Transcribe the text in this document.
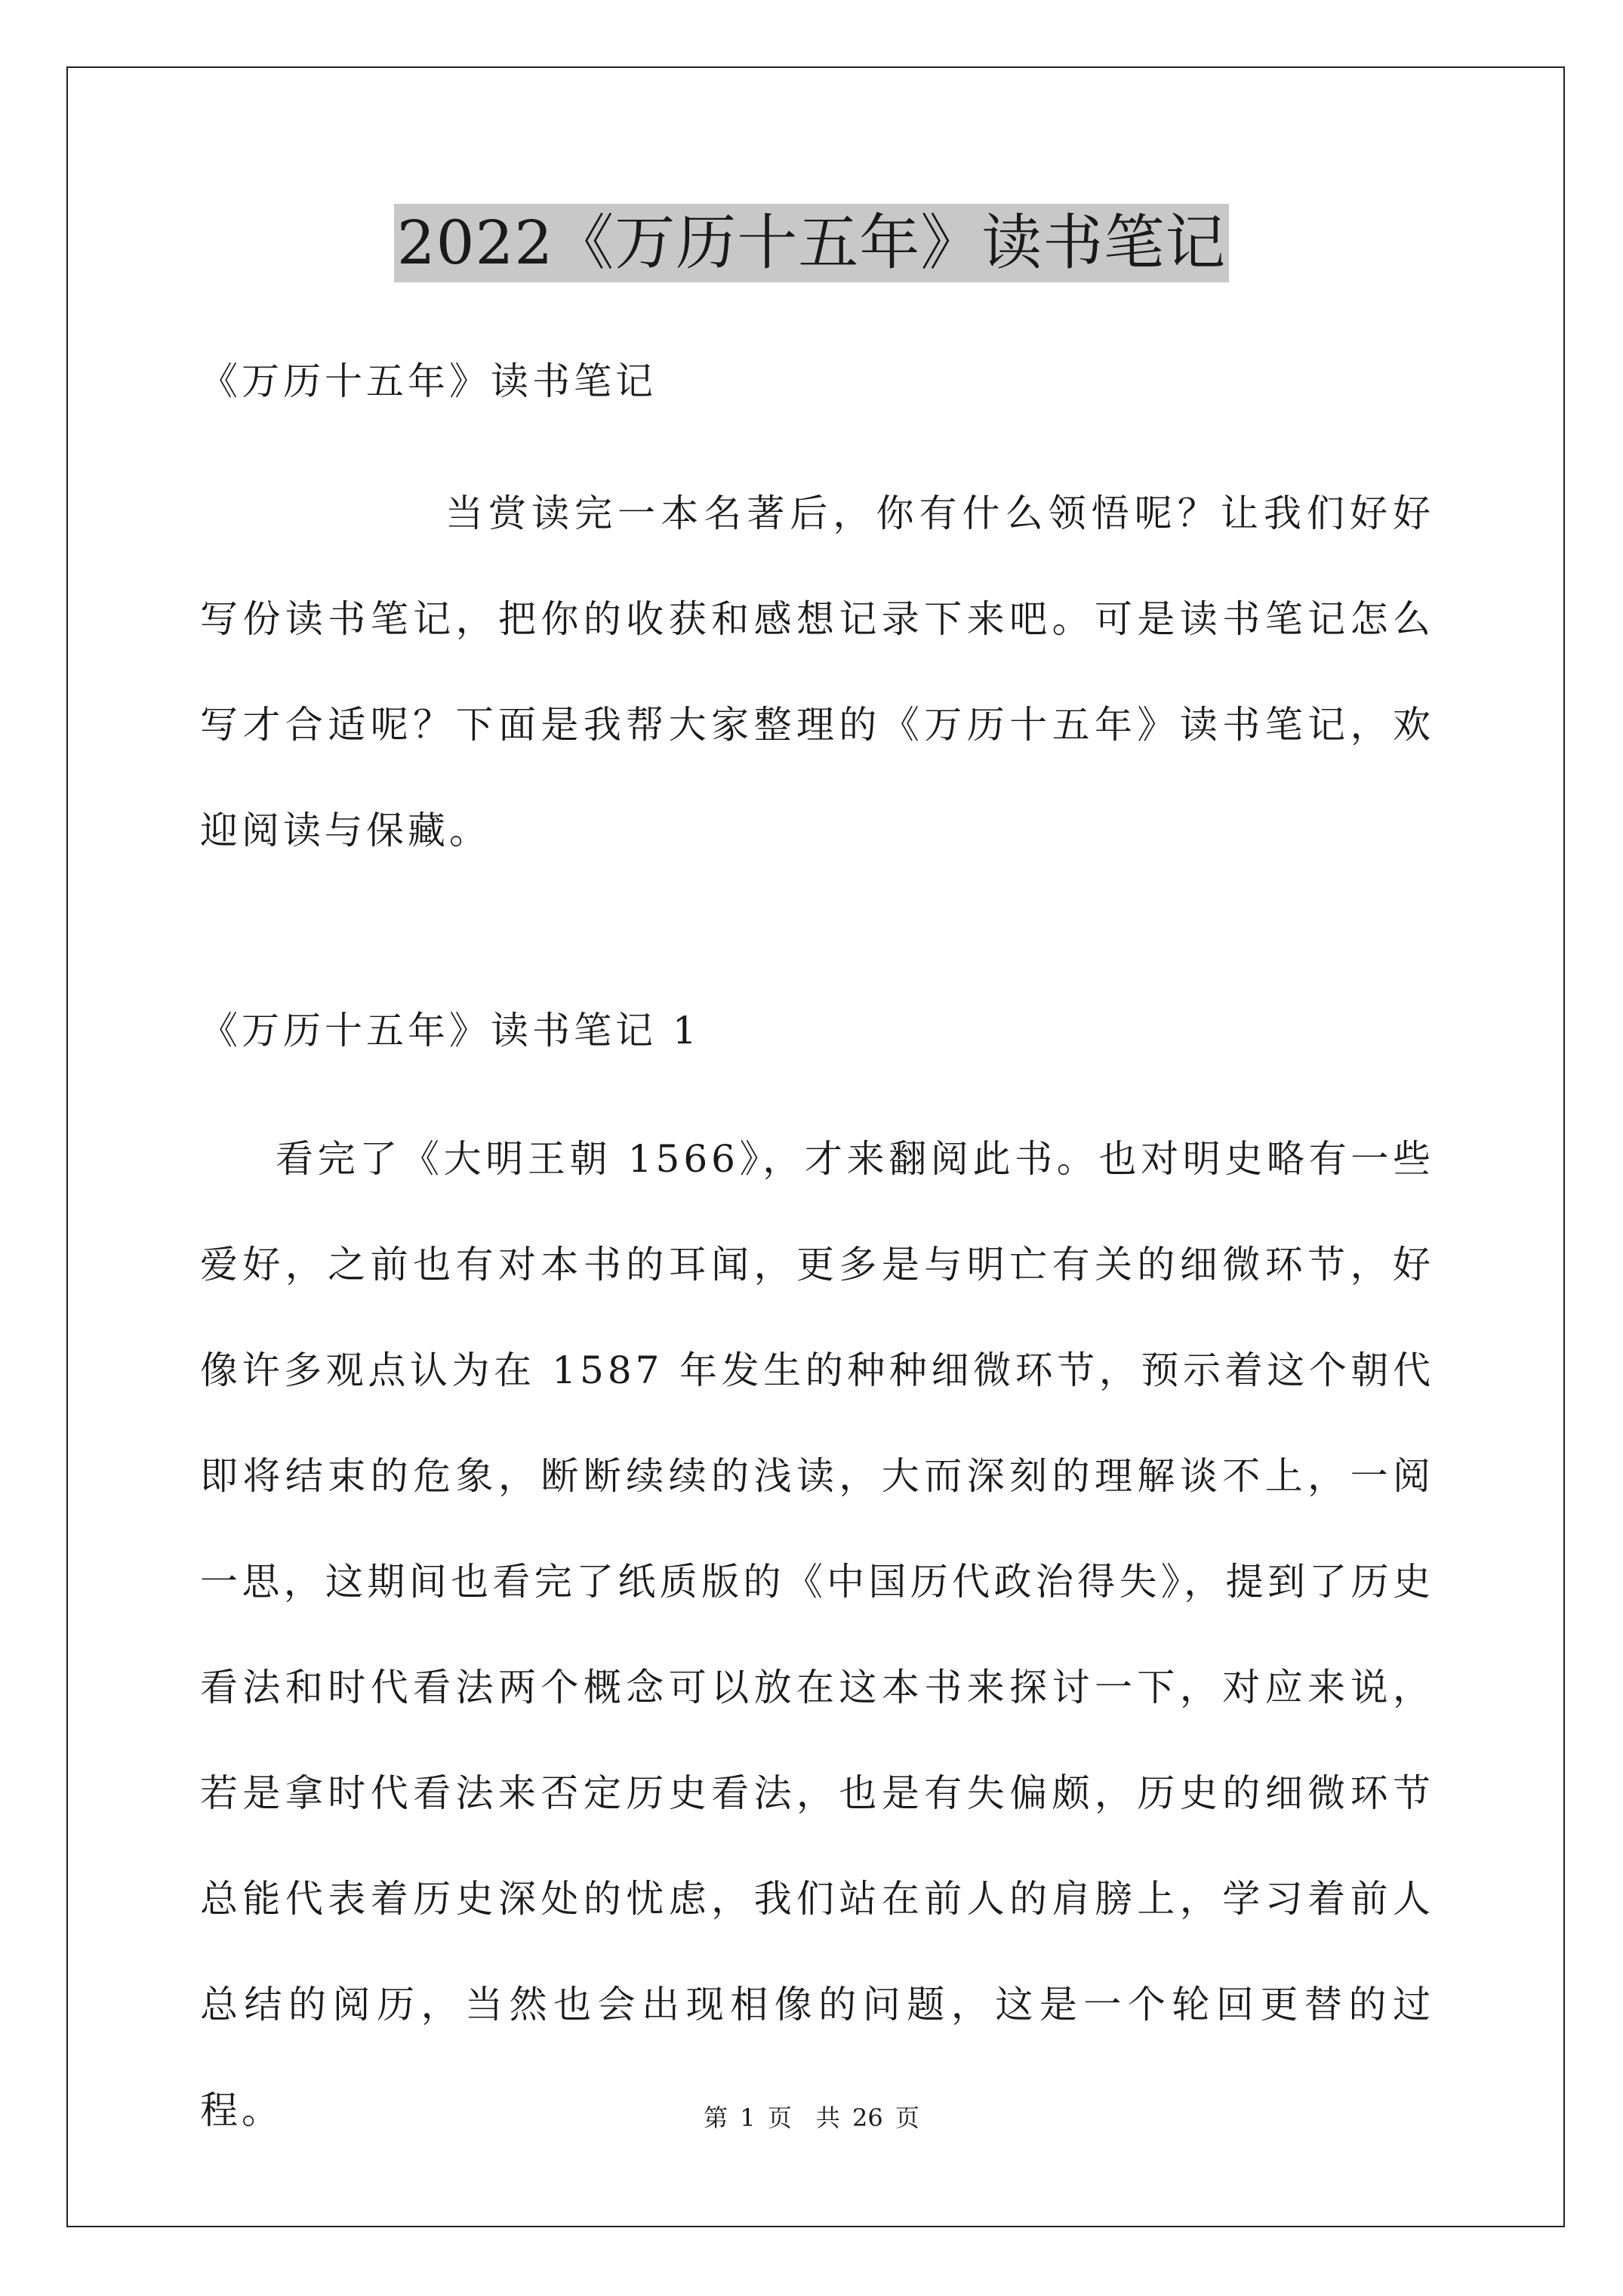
2022《万历十五年》读书笔记

《万历十五年》读书笔记

当赏读完一本名著后，你有什么领悟呢？让我们好好写份读书笔记，把你的收获和感想记录下来吧。可是读书笔记怎么写才合适呢？下面是我帮大家整理的《万历十五年》读书笔记，欢迎阅读与保藏。

《万历十五年》读书笔记 1

看完了《大明王朝 1566》，才来翻阅此书。也对明史略有一些爱好，之前也有对本书的耳闻，更多是与明亡有关的细微环节，好像许多观点认为在 1587 年发生的种种细微环节，预示着这个朝代即将结束的危象，断断续续的浅读，大而深刻的理解谈不上，一阅一思，这期间也看完了纸质版的《中国历代政治得失》，提到了历史看法和时代看法两个概念可以放在这本书来探讨一下，对应来说，若是拿时代看法来否定历史看法，也是有失偏颇，历史的细微环节总能代表着历史深处的忧虑，我们站在前人的肩膀上，学习着前人总结的阅历，当然也会出现相像的问题，这是一个轮回更替的过程。	第 1 页　共 26 页
